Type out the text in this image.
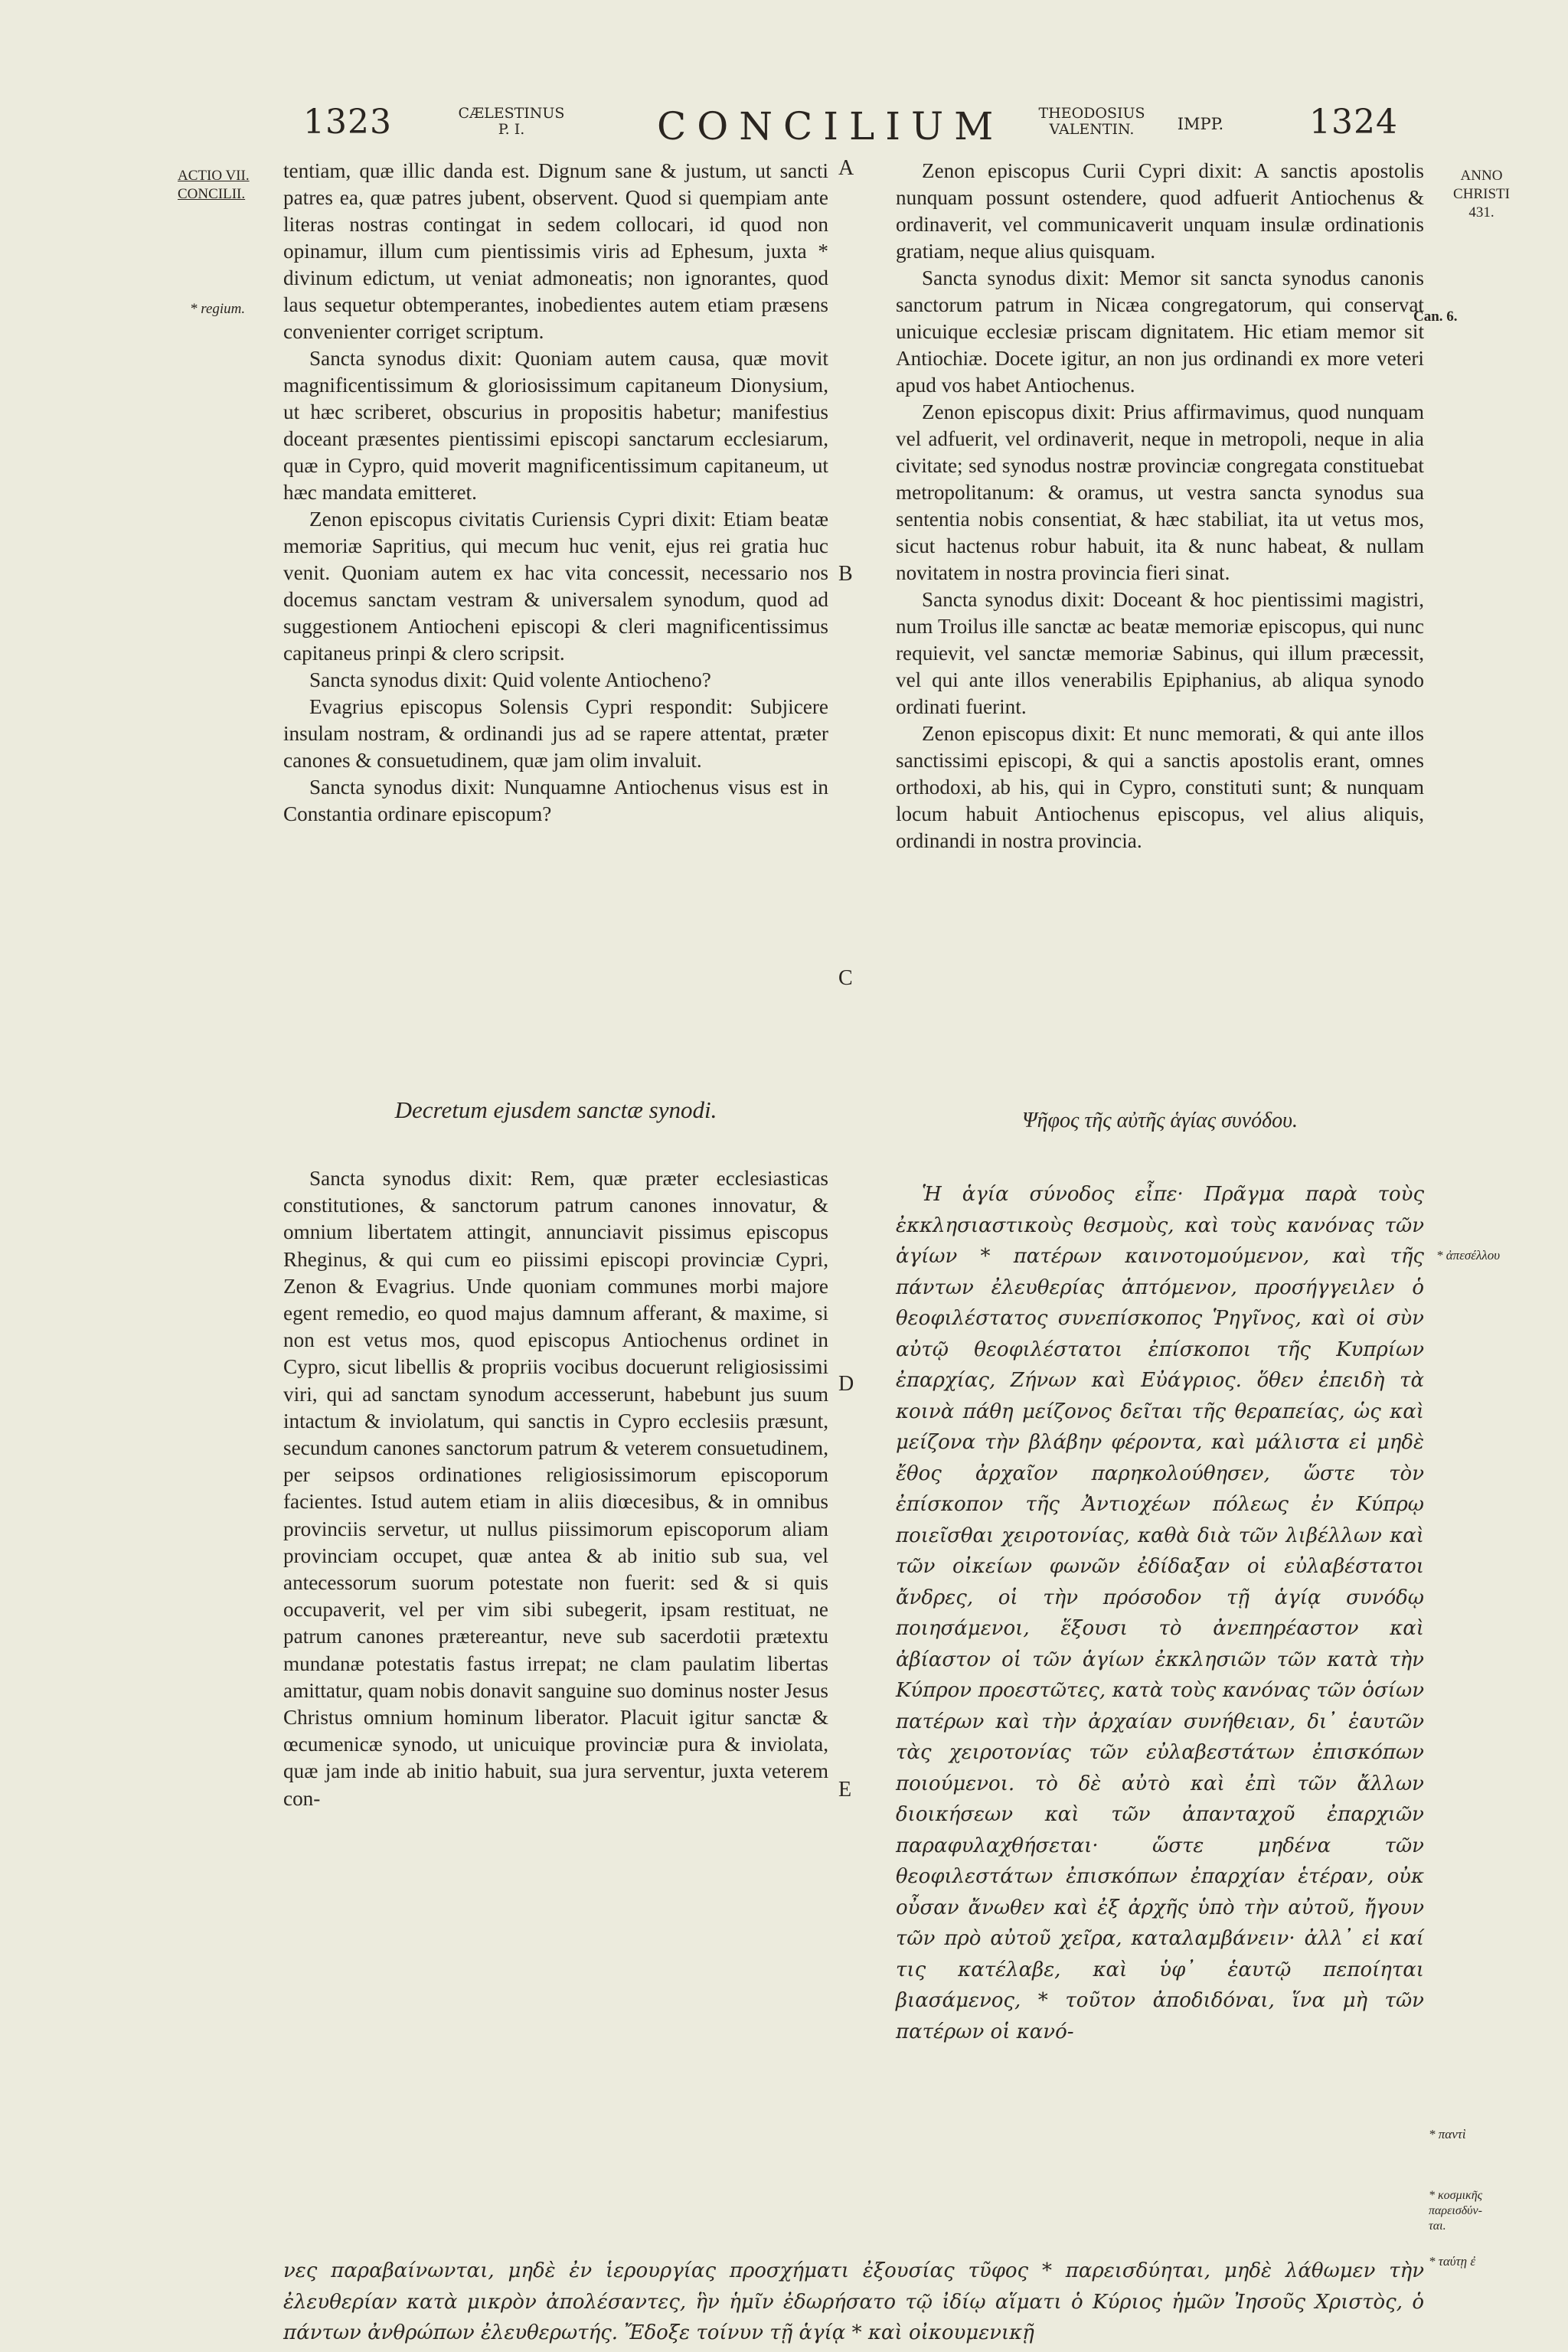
1323	CÆLESTINUS
P. I.	CONCILIUM	THEODOSIUS
VALENTIN.	IMPP.	1324
ACTIO VII.
CONCILII.
* regium.
ANNO
CHRISTI
431.
Can. 6.
* ἀπεσέλλου
* παντὶ
* κοσμικῆς
παρεισδύν-
ται.
* ταύτῃ ἐ
A
B
C
D
E

tentiam, quæ illic danda est. Dignum sane & justum, ut sancti patres ea, quæ patres jubent, observent. Quod si quempiam ante literas nostras contingat in sedem collocari, id quod non opinamur, illum cum pientissimis viris ad Ephesum, juxta * divinum edictum, ut veniat admoneatis; non ignorantes, quod laus sequetur obtemperantes, inobedientes autem etiam præsens convenienter corriget scriptum.

Sancta synodus dixit: Quoniam autem causa, quæ movit magnificentissimum & gloriosissimum capitaneum Dionysium, ut hæc scriberet, obscurius in propositis habetur; manifestius doceant præsentes pientissimi episcopi sanctarum ecclesiarum, quæ in Cypro, quid moverit magnificentissimum capitaneum, ut hæc mandata emitteret.

Zenon episcopus civitatis Curiensis Cypri dixit: Etiam beatæ memoriæ Sapritius, qui mecum huc venit, ejus rei gratia huc venit. Quoniam autem ex hac vita concessit, necessario nos docemus sanctam vestram & universalem synodum, quod ad suggestionem Antiocheni episcopi & cleri magnificentissimus capitaneus prinpi & clero scripsit.

Sancta synodus dixit: Quid volente Antiocheno?

Evagrius episcopus Solensis Cypri respondit: Subjicere insulam nostram, & ordinandi jus ad se rapere attentat, præter canones & consuetudinem, quæ jam olim invaluit.

Sancta synodus dixit: Nunquamne Antiochenus visus est in Constantia ordinare episcopum?

Zenon episcopus Curii Cypri dixit: A sanctis apostolis nunquam possunt ostendere, quod adfuerit Antiochenus & ordinaverit, vel communicaverit unquam insulæ ordinationis gratiam, neque alius quisquam.

Sancta synodus dixit: Memor sit sancta synodus canonis sanctorum patrum in Nicæa congregatorum, qui conservat unicuique ecclesiæ priscam dignitatem. Hic etiam memor sit Antiochiæ. Docete igitur, an non jus ordinandi ex more veteri apud vos habet Antiochenus.

Zenon episcopus dixit: Prius affirmavimus, quod nunquam vel adfuerit, vel ordinaverit, neque in metropoli, neque in alia civitate; sed synodus nostræ provinciæ congregata constituebat metropolitanum: & oramus, ut vestra sancta synodus sua sententia nobis consentiat, & hæc stabiliat, ita ut vetus mos, sicut hactenus robur habuit, ita & nunc habeat, & nullam novitatem in nostra provincia fieri sinat.

Sancta synodus dixit: Doceant & hoc pientissimi magistri, num Troilus ille sanctæ ac beatæ memoriæ episcopus, qui nunc requievit, vel sanctæ memoriæ Sabinus, qui illum præcessit, vel qui ante illos venerabilis Epiphanius, ab aliqua synodo ordinati fuerint.

Zenon episcopus dixit: Et nunc memorati, & qui ante illos sanctissimi episcopi, & qui a sanctis apostolis erant, omnes orthodoxi, ab his, qui in Cypro, constituti sunt; & nunquam locum habuit Antiochenus episcopus, vel alius aliquis, ordinandi in nostra provincia.

Decretum ejusdem sanctæ synodi.	Ψῆφος τῆς αὐτῆς ἁγίας συνόδου.

Sancta synodus dixit: Rem, quæ præter ecclesiasticas constitutiones, & sanctorum patrum canones innovatur, & omnium libertatem attingit, annunciavit pissimus episcopus Rheginus, & qui cum eo piissimi episcopi provinciæ Cypri, Zenon & Evagrius. Unde quoniam communes morbi majore egent remedio, eo quod majus damnum afferant, & maxime, si non est vetus mos, quod episcopus Antiochenus ordinet in Cypro, sicut libellis & propriis vocibus docuerunt religiosissimi viri, qui ad sanctam synodum accesserunt, habebunt jus suum intactum & inviolatum, qui sanctis in Cypro ecclesiis præsunt, secundum canones sanctorum patrum & veterem consuetudinem, per seipsos ordinationes religiosissimorum episcoporum facientes. Istud autem etiam in aliis diœcesibus, & in omnibus provinciis servetur, ut nullus piissimorum episcoporum aliam provinciam occupet, quæ antea & ab initio sub sua, vel antecessorum suorum potestate non fuerit: sed & si quis occupaverit, vel per vim sibi subegerit, ipsam restituat, ne patrum canones prætereantur, neve sub sacerdotii prætextu mundanæ potestatis fastus irrepat; ne clam paulatim libertas amittatur, quam nobis donavit sanguine suo dominus noster Jesus Christus omnium hominum liberator. Placuit igitur sanctæ & œcumenicæ synodo, ut unicuique provinciæ pura & inviolata, quæ jam inde ab initio habuit, sua jura serventur, juxta veterem con-

Ἡ ἁγία σύνοδος εἶπε· Πρᾶγμα παρὰ τοὺς ἐκκλησιαστικοὺς θεσμοὺς, καὶ τοὺς κανόνας τῶν ἁγίων * πατέρων καινοτομούμενον, καὶ τῆς πάντων ἐλευθερίας ἁπτόμενον, προσήγγειλεν ὁ θεοφιλέστατος συνεπίσκοπος Ῥηγῖνος, καὶ οἱ σὺν αὐτῷ θεοφιλέστατοι ἐπίσκοποι τῆς Κυπρίων ἐπαρχίας, Ζήνων καὶ Εὐάγριος. ὅθεν ἐπειδὴ τὰ κοινὰ πάθη μείζονος δεῖται τῆς θεραπείας, ὡς καὶ μείζονα τὴν βλάβην φέροντα, καὶ μάλιστα εἰ μηδὲ ἔθος ἀρχαῖον παρηκολούθησεν, ὥστε τὸν ἐπίσκοπον τῆς Ἀντιοχέων πόλεως ἐν Κύπρῳ ποιεῖσθαι χειροτονίας, καθὰ διὰ τῶν λιβέλλων καὶ τῶν οἰκείων φωνῶν ἐδίδαξαν οἱ εὐλαβέστατοι ἄνδρες, οἱ τὴν πρόσοδον τῇ ἁγίᾳ συνόδῳ ποιησάμενοι, ἕξουσι τὸ ἀνεπηρέαστον καὶ ἀβίαστον οἱ τῶν ἁγίων ἐκκλησιῶν τῶν κατὰ τὴν Κύπρον προεστῶτες, κατὰ τοὺς κανόνας τῶν ὁσίων πατέρων καὶ τὴν ἀρχαίαν συνήθειαν, δι᾽ ἑαυτῶν τὰς χειροτονίας τῶν εὐλαβεστάτων ἐπισκόπων ποιούμενοι. τὸ δὲ αὐτὸ καὶ ἐπὶ τῶν ἄλλων διοικήσεων καὶ τῶν ἀπανταχοῦ ἐπαρχιῶν παραφυλαχθήσεται· ὥστε μηδένα τῶν θεοφιλεστάτων ἐπισκόπων ἐπαρχίαν ἑτέραν, οὐκ οὖσαν ἄνωθεν καὶ ἐξ ἀρχῆς ὑπὸ τὴν αὐτοῦ, ἤγουν τῶν πρὸ αὐτοῦ χεῖρα, καταλαμβάνειν· ἀλλ᾽ εἰ καί τις κατέλαβε, καὶ ὑφ᾽ ἑαυτῷ πεποίηται βιασάμενος, * τοῦτον ἀποδιδόναι, ἵνα μὴ τῶν πατέρων οἱ κανό-

νες παραβαίνωνται, μηδὲ ἐν ἱερουργίας προσχήματι ἐξουσίας τῦφος * παρεισδύηται, μηδὲ λάθωμεν τὴν ἐλευθερίαν κατὰ μικρὸν ἀπολέσαντες, ἣν ἡμῖν ἐδωρήσατο τῷ ἰδίῳ αἵματι ὁ Κύριος ἡμῶν Ἰησοῦς Χριστὸς, ὁ πάντων ἀνθρώπων ἐλευθερωτής. Ἔδοξε τοίνυν τῇ ἁγίᾳ * καὶ οἰκουμενικῇ
